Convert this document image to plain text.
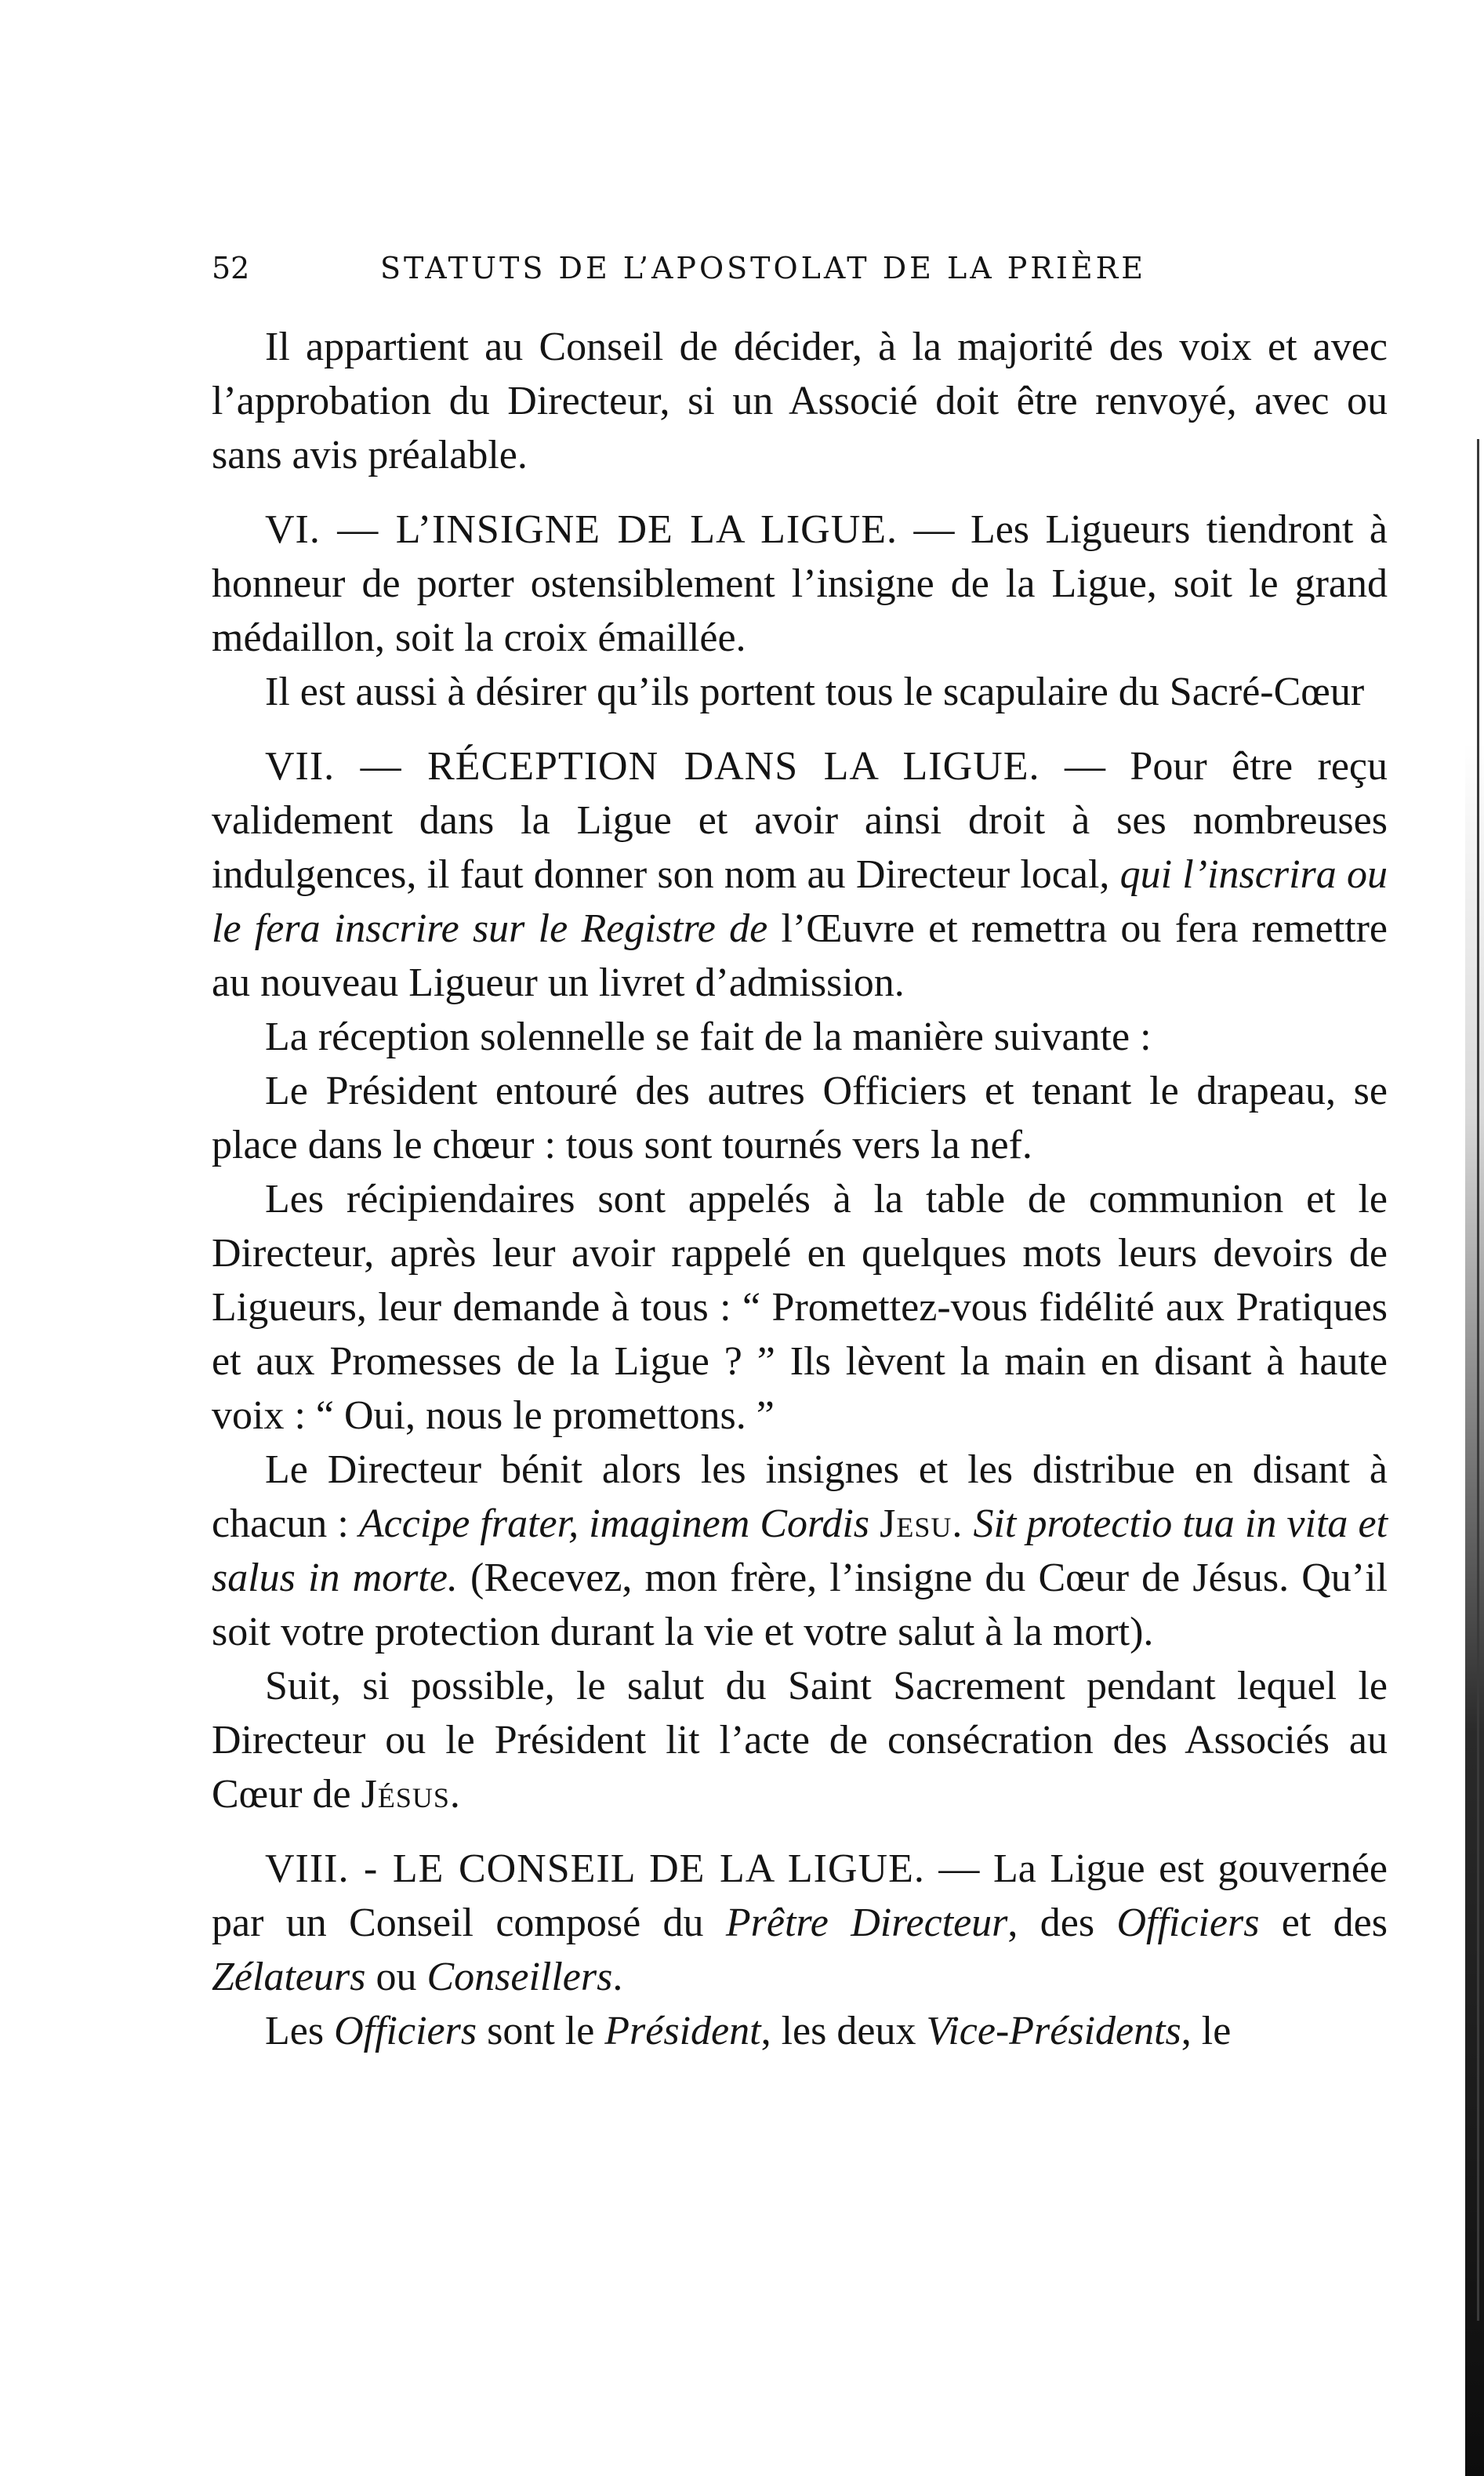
52	STATUTS DE L’APOSTOLAT DE LA PRIÈRE

Il appartient au Conseil de décider, à la majorité des voix et avec l’approbation du Directeur, si un Associé doit être renvoyé, avec ou sans avis préalable.

VI. — L’INSIGNE DE LA LIGUE. — Les Ligueurs tiendront à honneur de porter ostensiblement l’insigne de la Ligue, soit le grand médaillon, soit la croix émaillée.

Il est aussi à désirer qu’ils portent tous le scapulaire du Sacré-Cœur

VII. — RÉCEPTION DANS LA LIGUE. — Pour être reçu validement dans la Ligue et avoir ainsi droit à ses nombreuses indulgences, il faut donner son nom au Directeur local, qui l’inscrira ou le fera inscrire sur le Registre de l’Œuvre et remettra ou fera remettre au nouveau Ligueur un livret d’admission.

La réception solennelle se fait de la manière suivante :

Le Président entouré des autres Officiers et tenant le drapeau, se place dans le chœur : tous sont tournés vers la nef.

Les récipiendaires sont appelés à la table de communion et le Directeur, après leur avoir rappelé en quelques mots leurs devoirs de Ligueurs, leur demande à tous : “ Promettez-vous fidélité aux Pratiques et aux Promesses de la Ligue ? ” Ils lèvent la main en disant à haute voix : “ Oui, nous le promettons. ”

Le Directeur bénit alors les insignes et les distribue en disant à chacun : Accipe frater, imaginem Cordis Jesu. Sit protectio tua in vita et salus in morte. (Recevez, mon frère, l’insigne du Cœur de Jésus. Qu’il soit votre protection durant la vie et votre salut à la mort).

Suit, si possible, le salut du Saint Sacrement pendant lequel le Directeur ou le Président lit l’acte de consécration des Associés au Cœur de Jésus.

VIII. - LE CONSEIL DE LA LIGUE. — La Ligue est gouvernée par un Conseil composé du Prêtre Directeur, des Officiers et des Zélateurs ou Conseillers.

Les Officiers sont le Président, les deux Vice-Présidents, le
